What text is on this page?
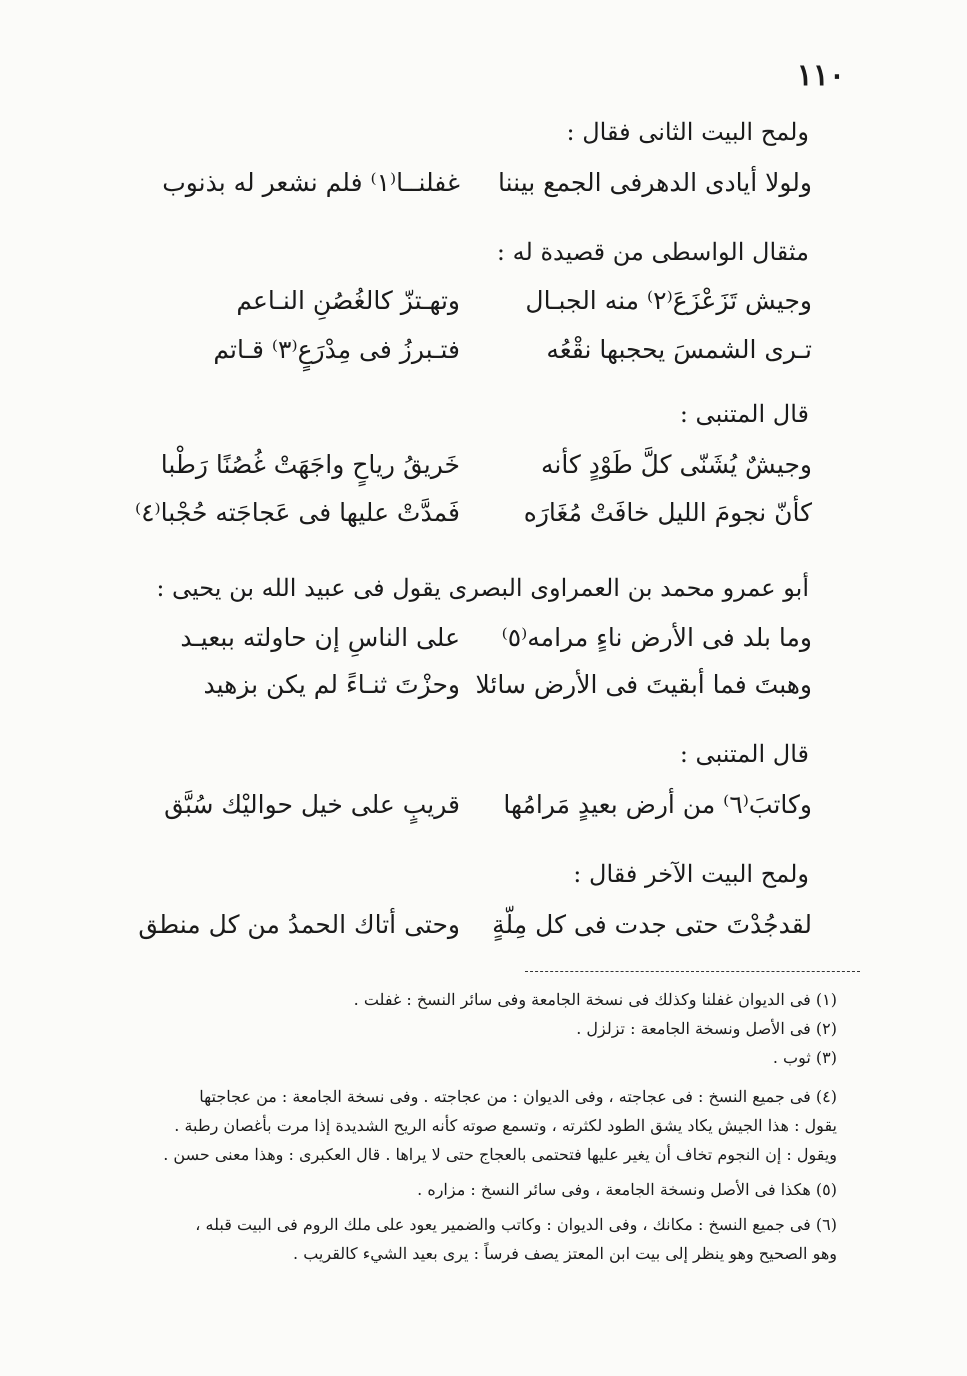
١١٠
ولمح البيت الثانى فقال :
ولولا أيادى الدهرفى الجمع بيننا
غفلنــا⁽١⁾ فلم نشعر له بذنوب
مثقال الواسطى من قصيدة له :
وجيش تَزَعْزَعَ⁽٢⁾ منه الجبـال
وتهـتزّ كالغُصُنِ النـاعم
تـرى الشمسَ يحجبها نقْعُه
فتـبرزُ فى مِدْرَعٍ⁽٣⁾ قـاتم
قال المتنبى :
وجيشٌ يُشَنّى كلَّ طَوْدٍ كأنه
خَريقُ رياحٍ واجَهَتْ غُصُنًا رَطْبا
كأنّ نجومَ الليل خافَتْ مُغَارَه
فَمدَّتْ عليها فى عَجاجَته حُجْبا⁽٤⁾
أبو عمرو محمد بن العمراوى البصرى يقول فى عبيد الله بن يحيى :
وما بلد فى الأرض ناءٍ مرامه⁽٥⁾
على الناسِ إن حاولته ببعيـد
وهبتَ فما أبقيتَ فى الأرض سائلا
وحزْتَ ثنـاءً لم يكن بزهيد
قال المتنبى :
وكاتبَ⁽٦⁾ من أرض بعيدٍ مَرامُها
قريبٍ على خيل حواليْك سُبَّق
ولمح البيت الآخر فقال :
لقدجُدْتَ حتى جدت فى كل مِلّةٍ
وحتى أتاك الحمدُ من كل منطق

(١) فى الديوان غفلنا وكذلك فى نسخة الجامعة وفى سائر النسخ : غفلت .

(٢) فى الأصل ونسخة الجامعة : تزلزل .

(٣) ثوب .

(٤) فى جميع النسخ : فى عجاجته ، وفى الديوان : من عجاجته . وفى نسخة الجامعة : من عجاجتها

يقول : هذا الجيش يكاد يشق الطود لكثرته ، وتسمع صوته كأنه الريح الشديدة إذا مرت بأغصان رطبة .

ويقول : إن النجوم تخاف أن يغير عليها فتحتمى بالعجاج حتى لا يراها . قال العكبرى : وهذا معنى حسن .

(٥) هكذا فى الأصل ونسخة الجامعة ، وفى سائر النسخ : مزاره .

(٦) فى جميع النسخ : مكانك ، وفى الديوان : وكاتب والضمير يعود على ملك الروم فى البيت قبله ،

وهو الصحيح وهو ينظر إلى بيت ابن المعتز يصف فرساً : يرى بعيد الشيء كالقريب .
